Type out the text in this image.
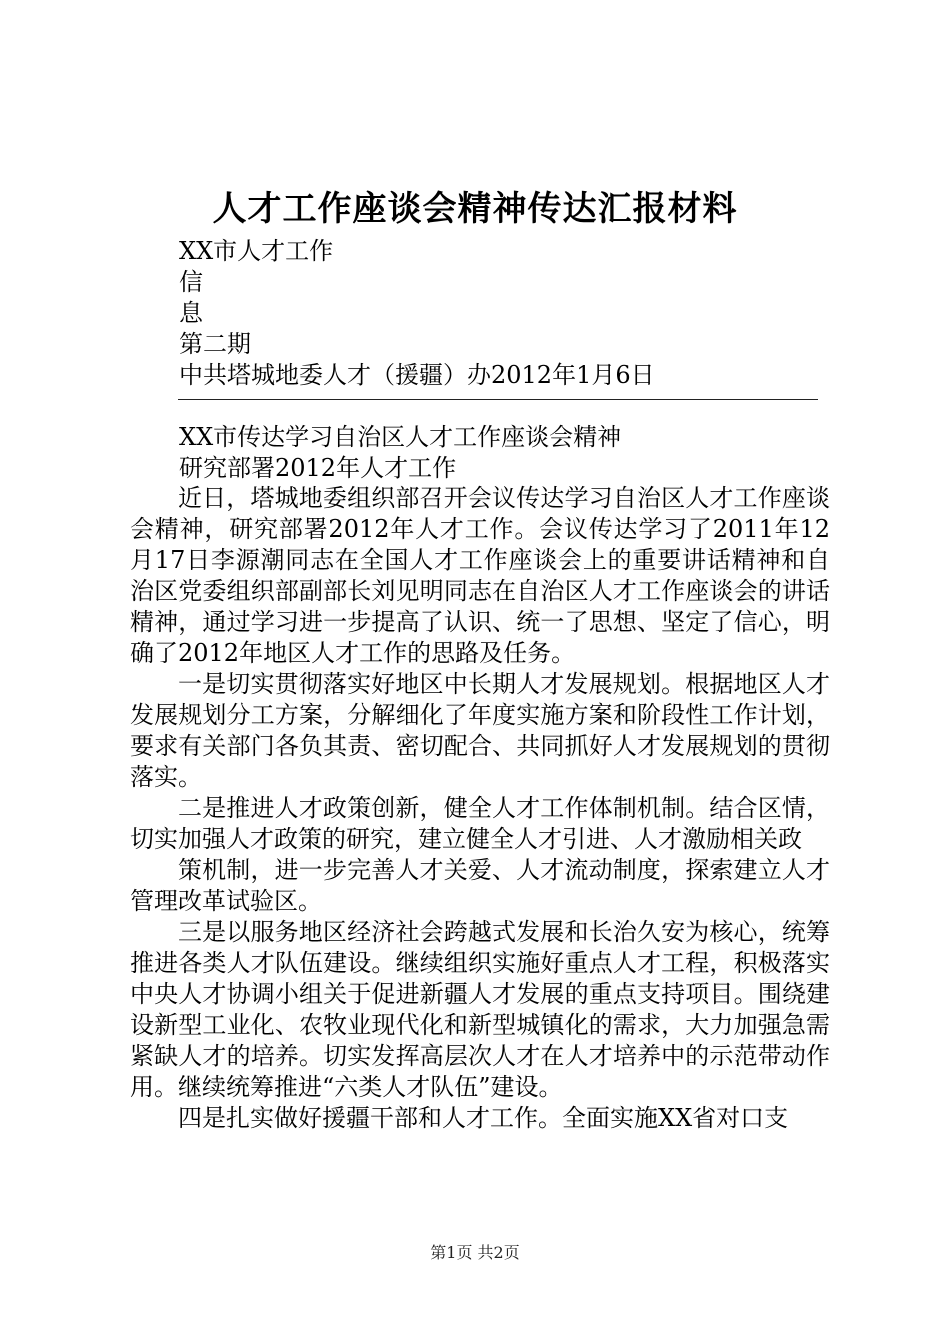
人才工作座谈会精神传达汇报材料
XX市人才工作
信
息
第二期
中共塔城地委人才（援疆）办2012年1月6日
XX市传达学习自治区人才工作座谈会精神
研究部署2012年人才工作

近日，塔城地委组织部召开会议传达学习自治区人才工作座谈会精神，研究部署2012年人才工作。会议传达学习了2011年12月17日李源潮同志在全国人才工作座谈会上的重要讲话精神和自治区党委组织部副部长刘见明同志在自治区人才工作座谈会的讲话精神，通过学习进一步提高了认识、统一了思想、坚定了信心，明确了2012年地区人才工作的思路及任务。

一是切实贯彻落实好地区中长期人才发展规划。根据地区人才发展规划分工方案，分解细化了年度实施方案和阶段性工作计划，要求有关部门各负其责、密切配合、共同抓好人才发展规划的贯彻落实。

二是推进人才政策创新，健全人才工作体制机制。结合区情，切实加强人才政策的研究，建立健全人才引进、人才激励相关政

策机制，进一步完善人才关爱、人才流动制度，探索建立人才管理改革试验区。

三是以服务地区经济社会跨越式发展和长治久安为核心，统筹推进各类人才队伍建设。继续组织实施好重点人才工程，积极落实中央人才协调小组关于促进新疆人才发展的重点支持项目。围绕建设新型工业化、农牧业现代化和新型城镇化的需求，大力加强急需紧缺人才的培养。切实发挥高层次人才在人才培养中的示范带动作用。继续统筹推进“六类人才队伍”建设。

四是扎实做好援疆干部和人才工作。全面实施XX省对口支

第1页 共2页
